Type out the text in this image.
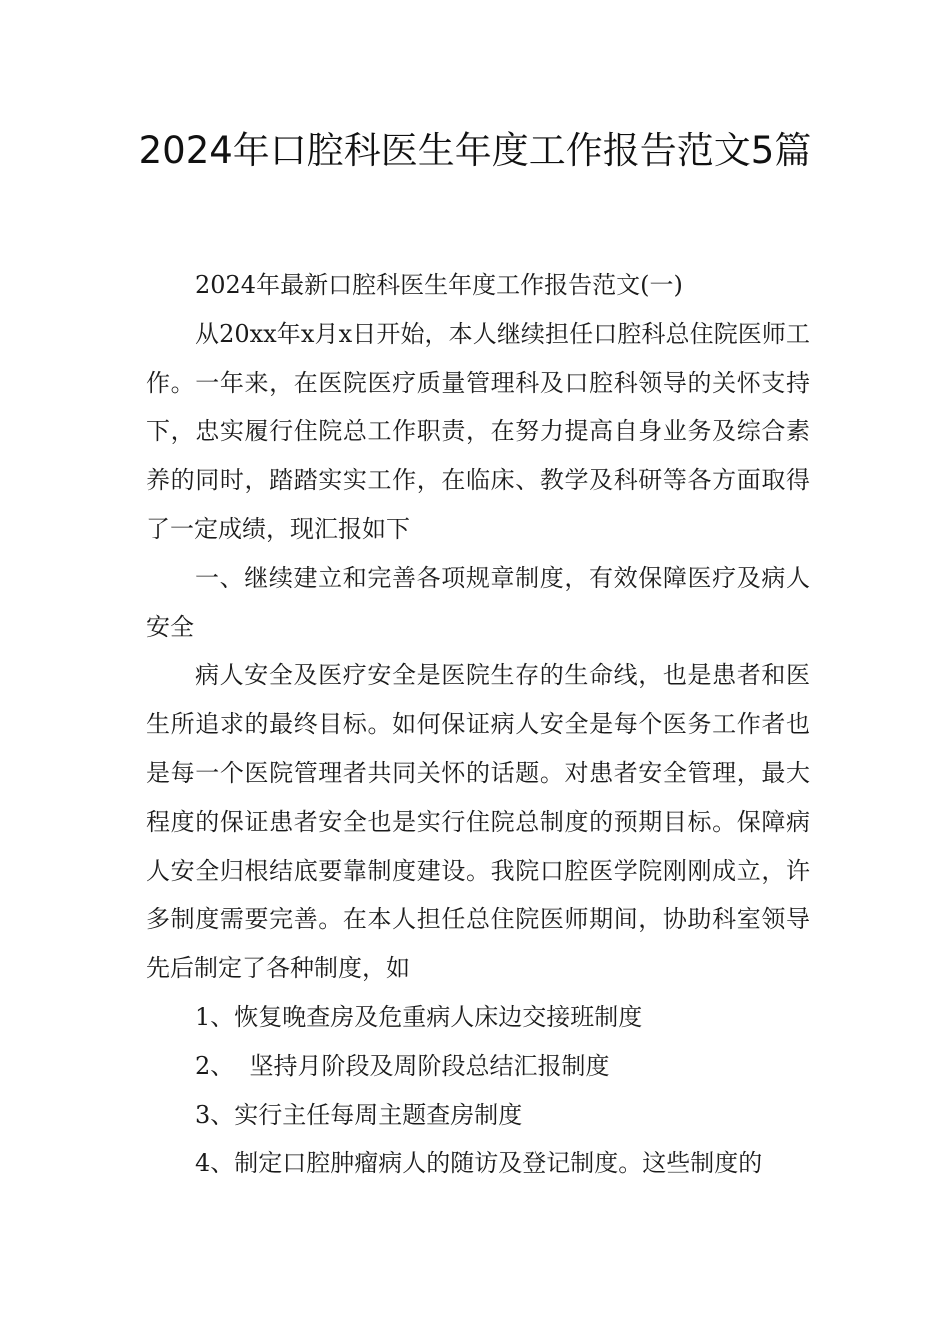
2024年口腔科医生年度工作报告范文5篇

2024年最新口腔科医生年度工作报告范文(一)

从20xx年x月x日开始，本人继续担任口腔科总住院医师工作。一年来，在医院医疗质量管理科及口腔科领导的关怀支持下，忠实履行住院总工作职责，在努力提高自身业务及综合素养的同时，踏踏实实工作，在临床、教学及科研等各方面取得了一定成绩，现汇报如下

一、继续建立和完善各项规章制度，有效保障医疗及病人安全

病人安全及医疗安全是医院生存的生命线，也是患者和医生所追求的最终目标。如何保证病人安全是每个医务工作者也是每一个医院管理者共同关怀的话题。对患者安全管理，最大程度的保证患者安全也是实行住院总制度的预期目标。保障病人安全归根结底要靠制度建设。我院口腔医学院刚刚成立，许多制度需要完善。在本人担任总住院医师期间，协助科室领导先后制定了各种制度，如

1、恢复晚查房及危重病人床边交接班制度

2、  坚持月阶段及周阶段总结汇报制度

3、实行主任每周主题查房制度

4、制定口腔肿瘤病人的随访及登记制度。这些制度的
